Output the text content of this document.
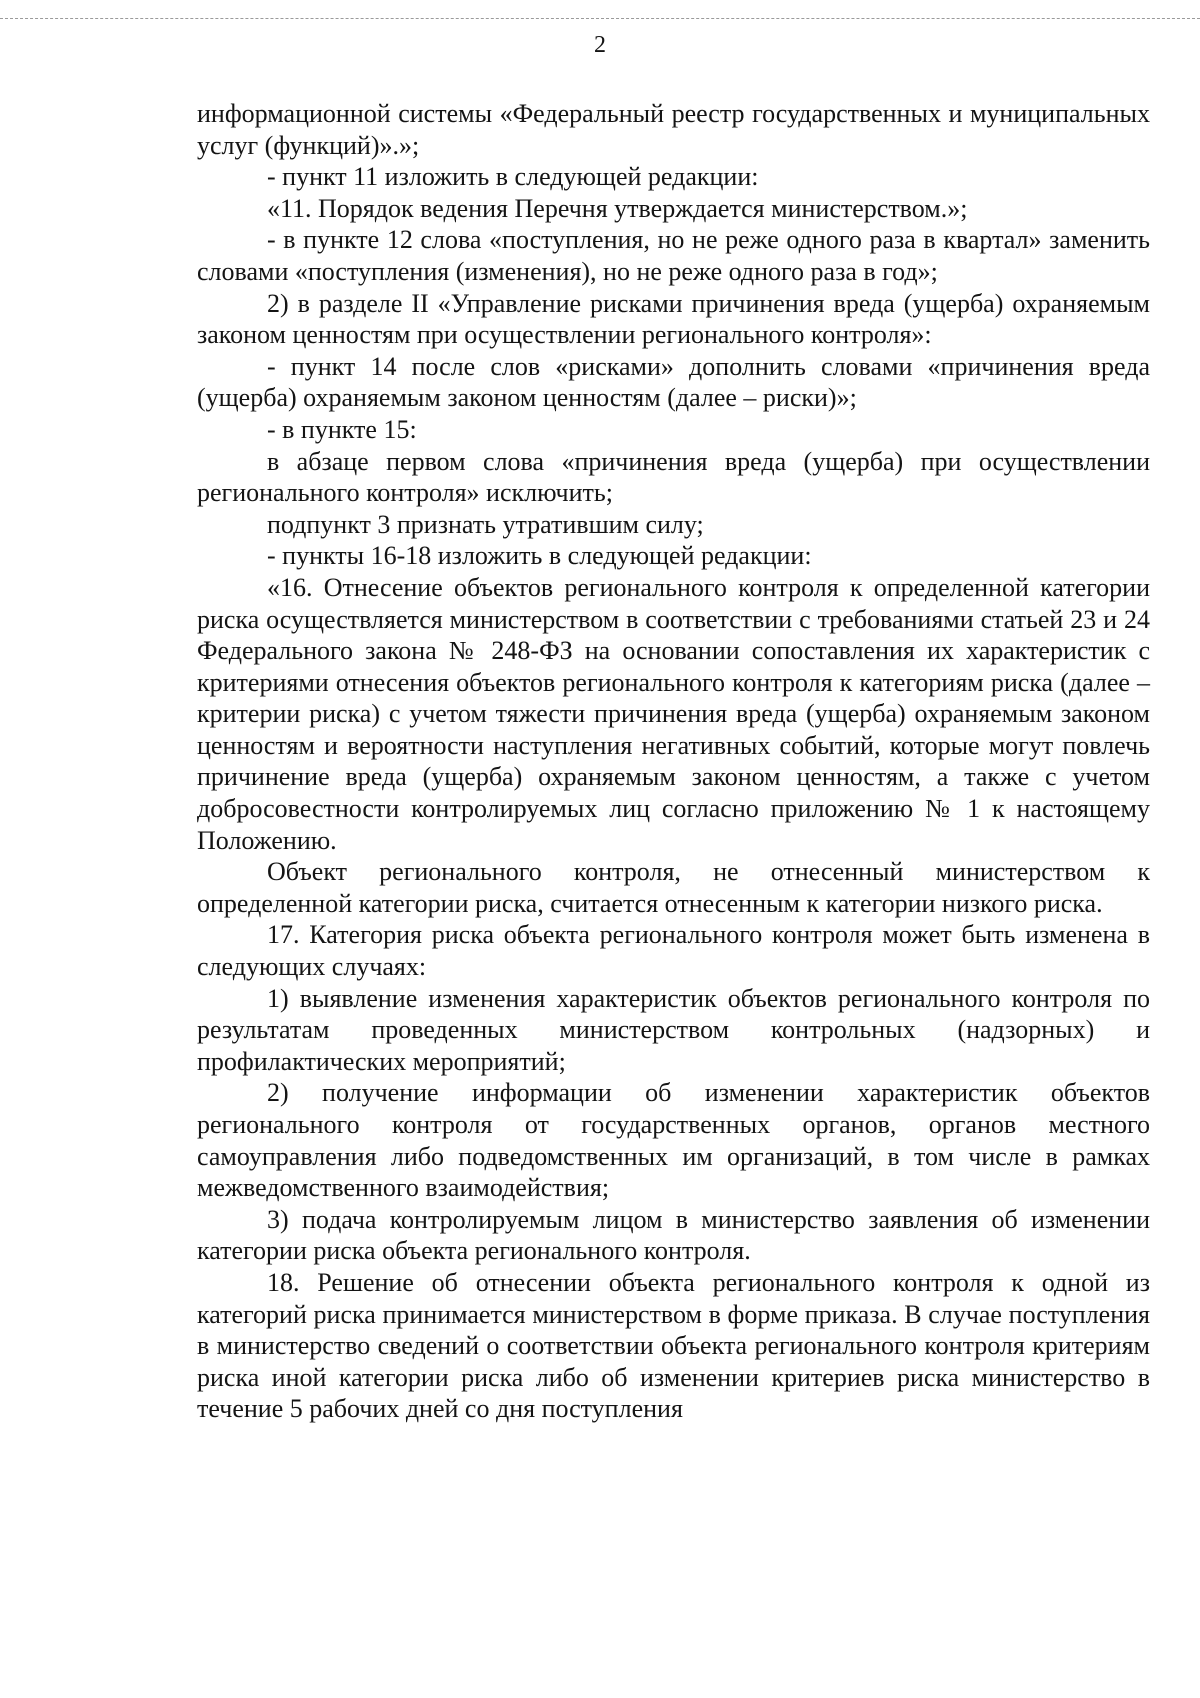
2

информационной системы «Федеральный реестр государственных и муниципальных услуг (функций)».»;

- пункт 11 изложить в следующей редакции:

«11. Порядок ведения Перечня утверждается министерством.»;

- в пункте 12 слова «поступления, но не реже одного раза в квартал» заменить словами «поступления (изменения), но не реже одного раза в год»;

2) в разделе II «Управление рисками причинения вреда (ущерба) охраняемым законом ценностям при осуществлении регионального контроля»:

- пункт 14 после слов «рисками» дополнить словами «причинения вреда (ущерба) охраняемым законом ценностям (далее – риски)»;

- в пункте 15:

в абзаце первом слова «причинения вреда (ущерба) при осуществлении регионального контроля» исключить;

подпункт 3 признать утратившим силу;

- пункты 16-18 изложить в следующей редакции:

«16. Отнесение объектов регионального контроля к определенной категории риска осуществляется министерством в соответствии с требованиями статьей 23 и 24 Федерального закона № 248-ФЗ на основании сопоставления их характеристик с критериями отнесения объектов регионального контроля к категориям риска (далее – критерии риска) с учетом тяжести причинения вреда (ущерба) охраняемым законом ценностям и вероятности наступления негативных событий, которые могут повлечь причинение вреда (ущерба) охраняемым законом ценностям, а также с учетом добросовестности контролируемых лиц согласно приложению № 1 к настоящему Положению.

Объект регионального контроля, не отнесенный министерством к определенной категории риска, считается отнесенным к категории низкого риска.

17. Категория риска объекта регионального контроля может быть изменена в следующих случаях:

1) выявление изменения характеристик объектов регионального контроля по результатам проведенных министерством контрольных (надзорных) и профилактических мероприятий;

2) получение информации об изменении характеристик объектов регионального контроля от государственных органов, органов местного самоуправления либо подведомственных им организаций, в том числе в рамках межведомственного взаимодействия;

3) подача контролируемым лицом в министерство заявления об изменении категории риска объекта регионального контроля.

18. Решение об отнесении объекта регионального контроля к одной из категорий риска принимается министерством в форме приказа. В случае поступления в министерство сведений о соответствии объекта регионального контроля критериям риска иной категории риска либо об изменении критериев риска министерство в течение 5 рабочих дней со дня поступления
